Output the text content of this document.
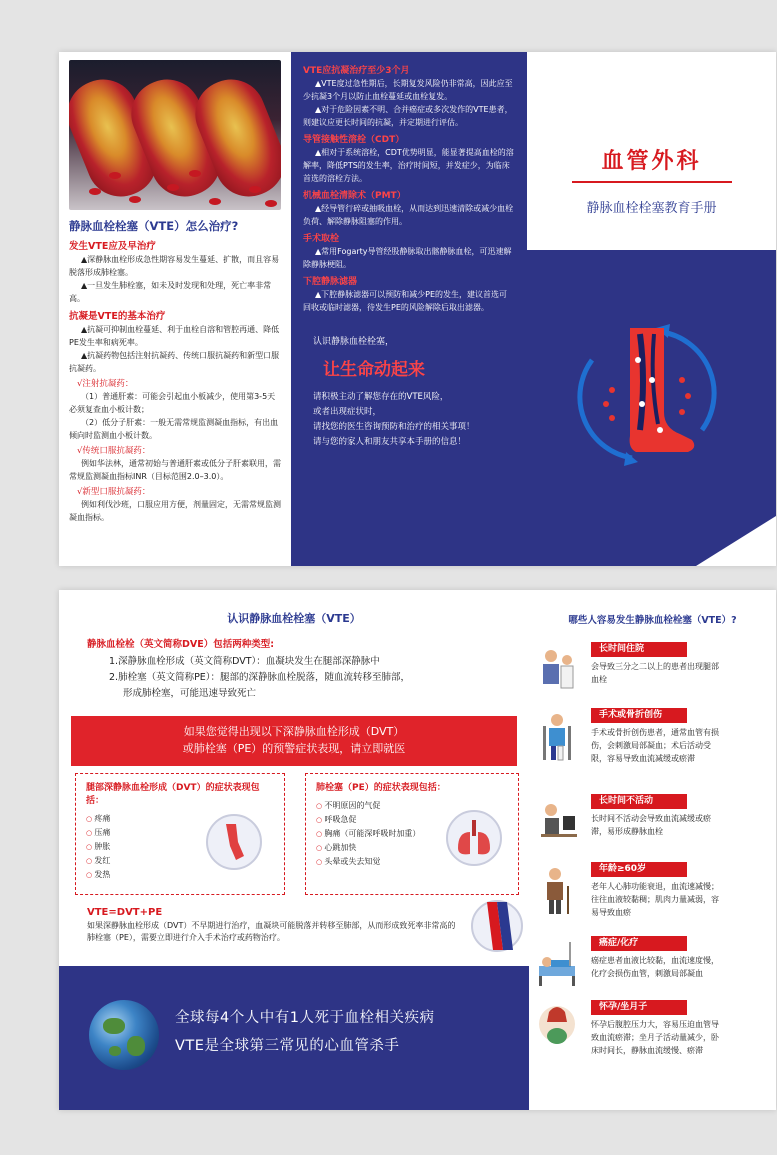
静脉血栓栓塞（VTE）怎么治疗?
发生VTE应及早治疗
▲深静脉血栓形成急性期容易发生蔓延、扩散，而且容易脱落形成肺栓塞。
▲一旦发生肺栓塞，如未及时发现和处理，死亡率非常高。
抗凝是VTE的基本治疗
▲抗凝可抑制血栓蔓延、利于血栓自溶和管腔再通、降低PE发生率和病死率。
▲抗凝药物包括注射抗凝药、传统口服抗凝药和新型口服抗凝药。
√注射抗凝药：
（1）普通肝素：可能会引起血小板减少，使用第3-5天必须复查血小板计数；
（2）低分子肝素：一般无需常规监测凝血指标，有出血倾向时监测血小板计数。
√传统口服抗凝药：
例如华法林，通常初始与普通肝素或低分子肝素联用，需常规监测凝血指标INR（目标范围2.0–3.0）。
√新型口服抗凝药：
例如利伐沙班，口服应用方便，剂量固定，无需常规监测凝血指标。
VTE应抗凝治疗至少3个月
▲VTE度过急性期后，长期复发风险仍非常高，因此应至少抗凝3个月以防止血栓蔓延或血栓复发。
▲对于危险因素不明、合并癌症或多次发作的VTE患者，则建议应更长时间的抗凝，并定期进行评估。
导管接触性溶栓（CDT）
▲相对于系统溶栓，CDT优势明显，能显著提高血栓的溶解率，降低PTS的发生率，治疗时间短，并发症少，为临床首选的溶栓方法。
机械血栓清除术（PMT）
▲经导管行碎或抽吸血栓，从而达到迅速清除或减少血栓负荷、解除静脉阻塞的作用。
手术取栓
▲常用Fogarty导管经股静脉取出髂静脉血栓，可迅速解除静脉梗阻。
下腔静脉滤器
▲下腔静脉滤器可以预防和减少PE的发生，建议首选可回收或临时滤器，待发生PE的风险解除后取出滤器。
认识静脉血栓栓塞，
让生命动起来
请积极主动了解您存在的VTE风险，
或者出现症状时，
请找您的医生咨询预防和治疗的相关事项！
请与您的家人和朋友共享本手册的信息！
血管外科
静脉血栓栓塞教育手册
认识静脉血栓栓塞（VTE）
静脉血栓栓（英文简称DVE）包括两种类型:
1.深静脉血栓形成（英文简称DVT）：血凝块发生在腿部深静脉中
2.肺栓塞（英文简称PE）：腿部的深静脉血栓脱落，随血流转移至肺部，
形成肺栓塞，可能迅速导致死亡
如果您觉得出现以下深静脉血栓形成（DVT）
或肺栓塞（PE）的预警症状表现，请立即就医
腿部深静脉血栓形成（DVT）的症状表现包括：
○ 疼痛
○ 压痛
○ 肿胀
○ 发红
○ 发热
肺栓塞（PE）的症状表现包括：
○ 不明原因的气促
○ 呼吸急促
○ 胸痛（可能深呼吸时加重）
○ 心跳加快
○ 头晕或失去知觉
VTE=DVT+PE
如果深静脉血栓形成（DVT）不早期进行治疗，血凝块可能脱落并转移至肺部，从而形成致死率非常高的肺栓塞（PE），需要立即进行介入手术治疗或药物治疗。
全球每4个人中有1人死于血栓相关疾病
VTE是全球第三常见的心血管杀手
哪些人容易发生静脉血栓栓塞（VTE）?
长时间住院
会导致三分之二以上的患者出现腿部血栓
手术或骨折创伤
手术或骨折创伤患者，通常血管有损伤，会刺激局部凝血；术后活动受限，容易导致血流减缓或瘀滞
长时间不活动
长时间不活动会导致血流减缓或瘀滞，易形成静脉血栓
年龄≥60岁
老年人心肺功能衰退，血流速减慢；往往血液较黏稠；肌肉力量减弱，容易导致血瘀
癌症/化疗
癌症患者血液比较黏，血流速度慢，化疗会损伤血管，刺激局部凝血
怀孕/坐月子
怀孕后腹腔压力大，容易压迫血管导致血流瘀滞；坐月子活动量减少，卧床时间长，静脉血流缓慢、瘀滞
